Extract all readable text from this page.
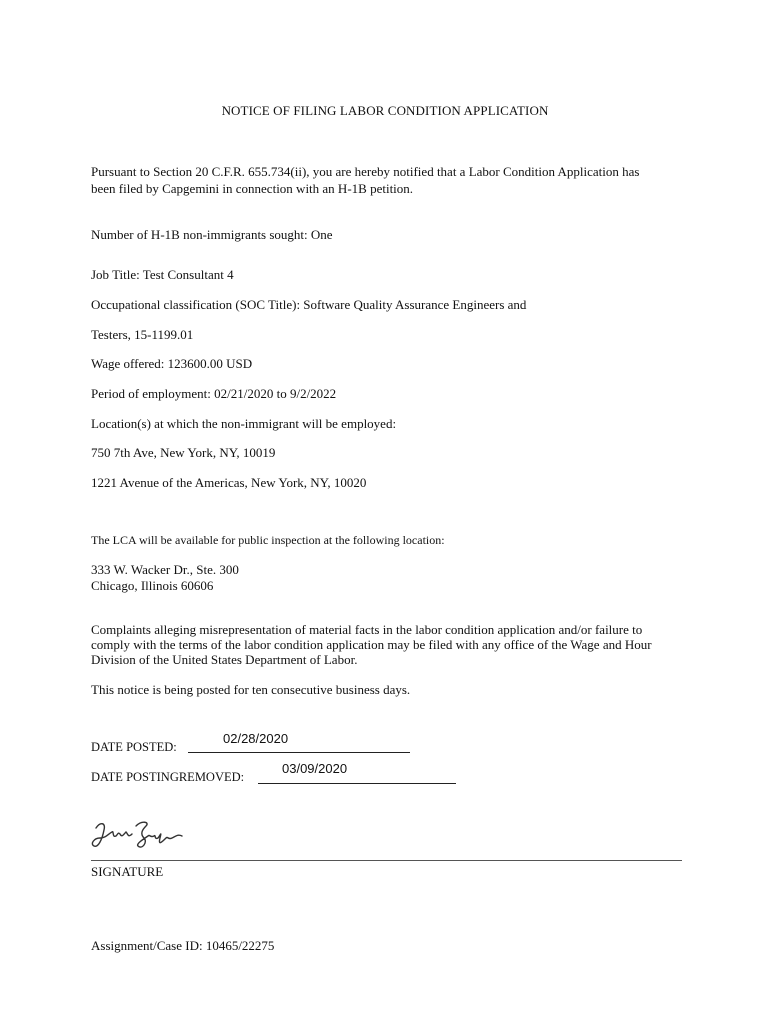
NOTICE OF FILING LABOR CONDITION APPLICATION
Pursuant to Section 20 C.F.R. 655.734(ii), you are hereby notified that a Labor Condition Application has
been filed by Capgemini in connection with an H-1B petition.
Number of H-1B non-immigrants sought: One
Job Title: Test Consultant 4
Occupational classification (SOC Title): Software Quality Assurance Engineers and
Testers, 15-1199.01
Wage offered: 123600.00 USD
Period of employment: 02/21/2020 to 9/2/2022
Location(s) at which the non-immigrant will be employed:
750 7th Ave, New York, NY, 10019
1221 Avenue of the Americas, New York, NY, 10020
The LCA will be available for public inspection at the following location:
333 W. Wacker Dr., Ste. 300
Chicago, Illinois 60606
Complaints alleging misrepresentation of material facts in the labor condition application and/or failure to
comply with the terms of the labor condition application may be filed with any office of the Wage and Hour
Division of the United States Department of Labor.
This notice is being posted for ten consecutive business days.
DATE POSTED:
02/28/2020
DATE POSTINGREMOVED:
03/09/2020
SIGNATURE
Assignment/Case ID: 10465/22275
